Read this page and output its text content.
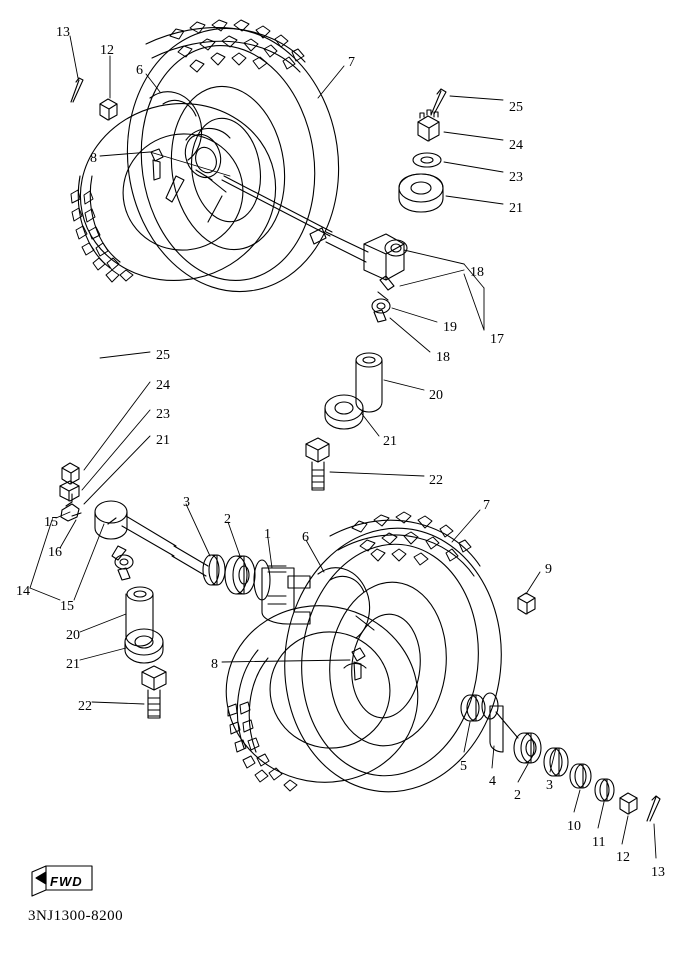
13
12
6
7
25
24
23
21
8
18
19
17
18
20
21
22
25
24
23
21
3
2
1 6
7
9
15
16
14
15
20
21
22
8
5
4
2
3
10
11
12
13
FWD
3NJ1300-8200
